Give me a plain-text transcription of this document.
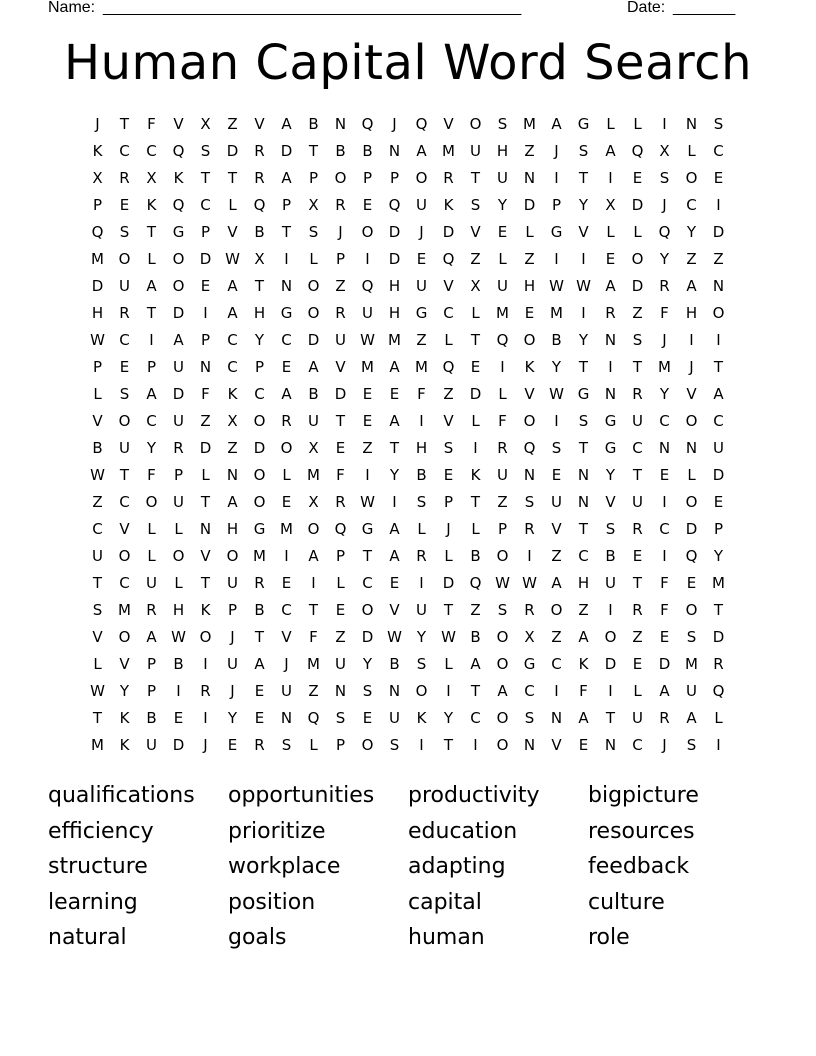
Name: _______________________________________________	Date: _______
Human Capital Word Search
J	T	F	V	X	Z	V	A	B	N	Q	J	Q	V	O	S	M	A	G	L	L	I	N	S
K	C	C	Q	S	D	R	D	T	B	B	N	A	M	U	H	Z	J	S	A	Q	X	L	C
X	R	X	K	T	T	R	A	P	O	P	P	O	R	T	U	N	I	T	I	E	S	O	E
P	E	K	Q	C	L	Q	P	X	R	E	Q	U	K	S	Y	D	P	Y	X	D	J	C	I
Q	S	T	G	P	V	B	T	S	J	O	D	J	D	V	E	L	G	V	L	L	Q	Y	D
M O	L	O	D W X	I	L	P	I	D	E	Q	Z	L	Z	I	I	E	O	Y	Z	Z
D	U	A	O	E	A	T	N	O	Z	Q	H	U	V	X	U	H W W A	D	R	A	N
H	R	T	D	I	A	H	G	O	R	U	H	G	C	L	M	E	M	I	R	Z	F	H	O
W C	I	A	P	C	Y	C	D	U W M	Z	L	T	Q	O	B	Y	N	S	J	I	I
P	E	P	U	N	C	P	E	A	V	M	A	M Q	E	I	K	Y	T	I	T	M	J	T
L	S	A	D	F	K	C	A	B	D	E	E	F	Z	D	L	V W G	N	R	Y	V	A
V	O	C	U	Z	X	O	R	U	T	E	A	I	V	L	F	O	I	S	G	U	C	O	C
B	U	Y	R	D	Z	D	O	X	E	Z	T	H	S	I	R	Q	S	T	G	C	N	N	U
W T	F	P	L	N	O	L	M	F	I	Y	B	E	K	U	N	E	N	Y	T	E	L	D
Z	C	O	U	T	A	O	E	X	R W	I	S	P	T	Z	S	U	N	V	U	I	O	E
C	V	L	L	N	H	G M O	Q	G	A	L	J	L	P	R	V	T	S	R	C	D	P
U	O	L	O	V	O M	I	A	P	T	A	R	L	B	O	I	Z	C	B	E	I	Q	Y
T	C	U	L	T	U	R	E	I	L	C	E	I	D	Q W W A	H	U	T	F	E	M
S	M	R	H	K	P	B	C	T	E	O	V	U	T	Z	S	R	O	Z	I	R	F	O	T
V	O	A W O	J	T	V	F	Z	D W Y	W B	O	X	Z	A	O	Z	E	S	D
L	V	P	B	I	U	A	J	M	U	Y	B	S	L	A	O	G	C	K	D	E	D M	R
W Y	P	I	R	J	E	U	Z	N	S	N	O	I	T	A	C	I	F	I	L	A	U	Q
T	K	B	E	I	Y	E	N	Q	S	E	U	K	Y	C	O	S	N	A	T	U	R	A	L
M	K	U	D	J	E	R	S	L	P	O	S	I	T	I	O	N	V	E	N	C	J	S	I
qualifications opportunities productivity bigpicture
efficiency	prioritize	education	resources
structure	workplace	adapting	feedback
learning	position	capital	culture
natural	goals	human	role
